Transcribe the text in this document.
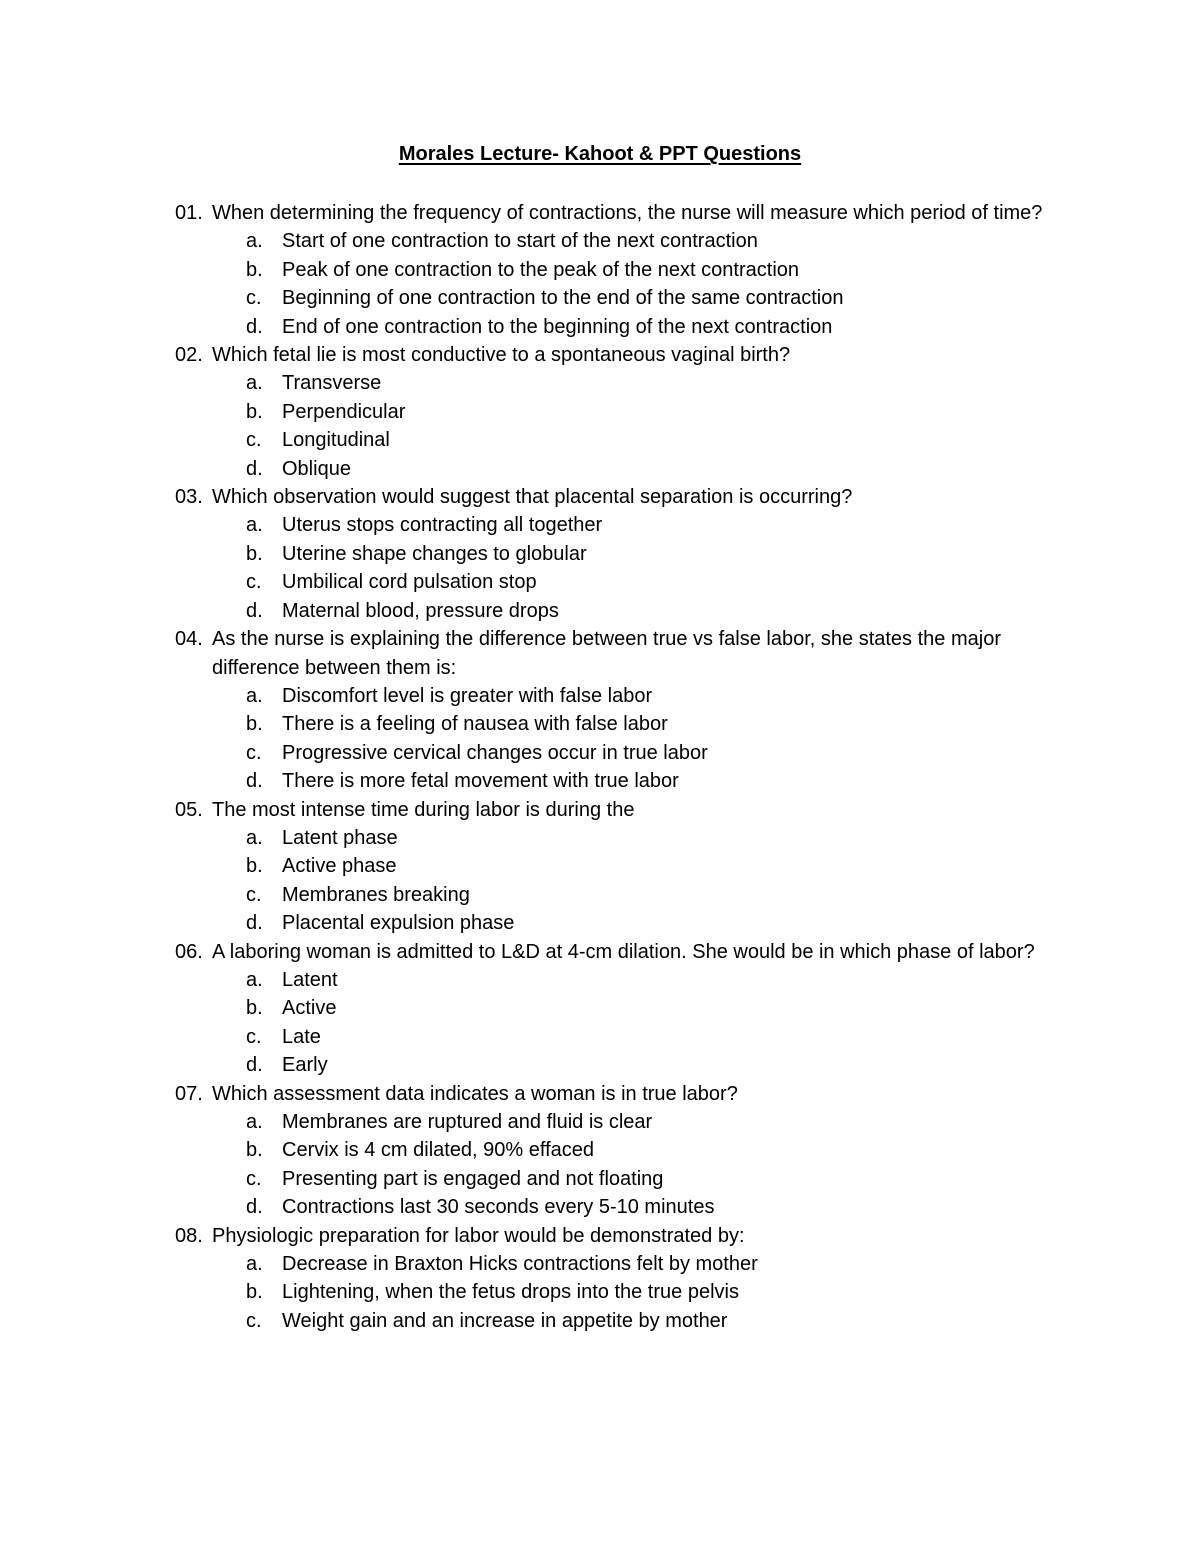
Morales Lecture- Kahoot & PPT Questions
01. When determining the frequency of contractions, the nurse will measure which period of time?
a. Start of one contraction to start of the next contraction
b. Peak of one contraction to the peak of the next contraction
c.	Beginning of one contraction to the end of the same contraction
d. End of one contraction to the beginning of the next contraction
02. Which fetal lie is most conductive to a spontaneous vaginal birth?
a. Transverse
b. Perpendicular
c.	Longitudinal
d. Oblique
03. Which observation would suggest that placental separation is occurring?
a. Uterus stops contracting all together
b. Uterine shape changes to globular
c.	Umbilical cord pulsation stop
d. Maternal blood, pressure drops
04. As the nurse is explaining the difference between true vs false labor, she states the major difference between them is:
a. Discomfort level is greater with false labor
b. There is a feeling of nausea with false labor
c.	Progressive cervical changes occur in true labor
d. There is more fetal movement with true labor
05. The most intense time during labor is during the
a. Latent phase
b. Active phase
c.	Membranes breaking
d. Placental expulsion phase
06. A laboring woman is admitted to L&D at 4-cm dilation. She would be in which phase of labor?
a. Latent
b. Active
c.	Late
d. Early
07. Which assessment data indicates a woman is in true labor?
a. Membranes are ruptured and fluid is clear
b. Cervix is 4 cm dilated, 90% effaced
c.	Presenting part is engaged and not floating
d. Contractions last 30 seconds every 5-10 minutes
08. Physiologic preparation for labor would be demonstrated by:
a. Decrease in Braxton Hicks contractions felt by mother
b. Lightening, when the fetus drops into the true pelvis
c.	Weight gain and an increase in appetite by mother
